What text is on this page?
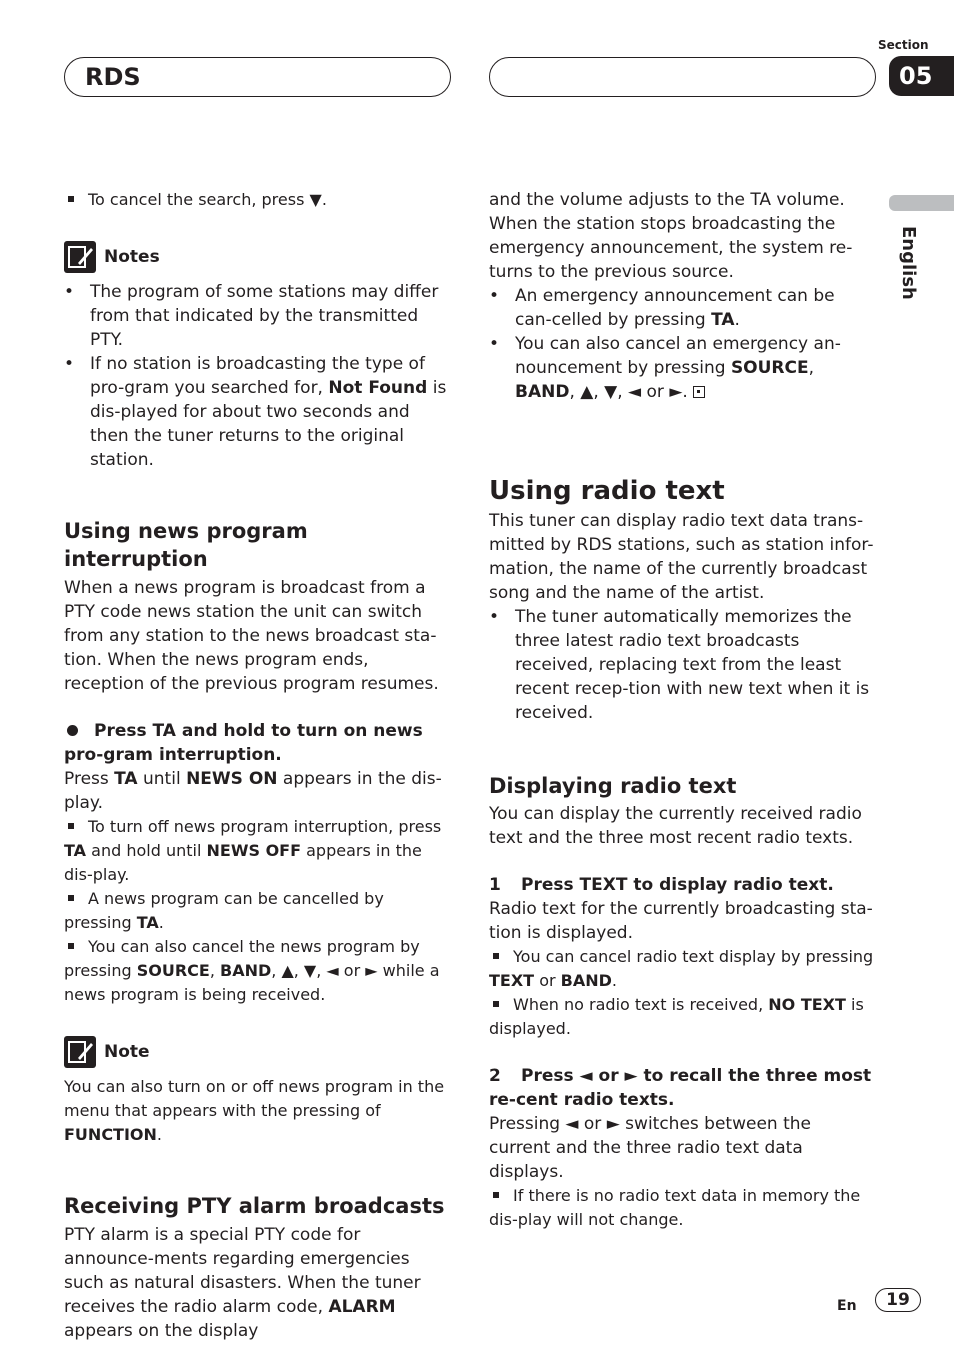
RDS
Section
05
English

To cancel the search, press ▼.

Notes

• The program of some stations may differ from that indicated by the transmitted PTY.

• If no station is broadcasting the type of pro-gram you searched for, Not Found is dis-played for about two seconds and then the tuner returns to the original station.

Using news program interruption

When a news program is broadcast from a PTY code news station the unit can switch from any station to the news broadcast sta-tion. When the news program ends, reception of the previous program resumes.

Press TA and hold to turn on news pro-gram interruption.

Press TA until NEWS ON appears in the dis-play.

To turn off news program interruption, press TA and hold until NEWS OFF appears in the dis-play.

A news program can be cancelled by pressing TA.

You can also cancel the news program by pressing SOURCE, BAND, ▲, ▼, ◄ or ► while a news program is being received.

Note

You can also turn on or off news program in the menu that appears with the pressing of FUNCTION.

Receiving PTY alarm broadcasts

PTY alarm is a special PTY code for announce-ments regarding emergencies such as natural disasters. When the tuner receives the radio alarm code, ALARM appears on the display

and the volume adjusts to the TA volume. When the station stops broadcasting the emergency announcement, the system re-turns to the previous source.

• An emergency announcement can be can-celled by pressing TA.

• You can also cancel an emergency an-nouncement by pressing SOURCE, BAND, ▲, ▼, ◄ or ►.

Using radio text

This tuner can display radio text data trans-mitted by RDS stations, such as station infor-mation, the name of the currently broadcast song and the name of the artist.

• The tuner automatically memorizes the three latest radio text broadcasts received, replacing text from the least recent recep-tion with new text when it is received.

Displaying radio text

You can display the currently received radio text and the three most recent radio texts.

1 Press TEXT to display radio text.

Radio text for the currently broadcasting sta-tion is displayed.

You can cancel radio text display by pressing TEXT or BAND.

When no radio text is received, NO TEXT is displayed.

2 Press ◄ or ► to recall the three most re-cent radio texts.

Pressing ◄ or ► switches between the current and the three radio text data displays.

If there is no radio text data in memory the dis-play will not change.

En	19
